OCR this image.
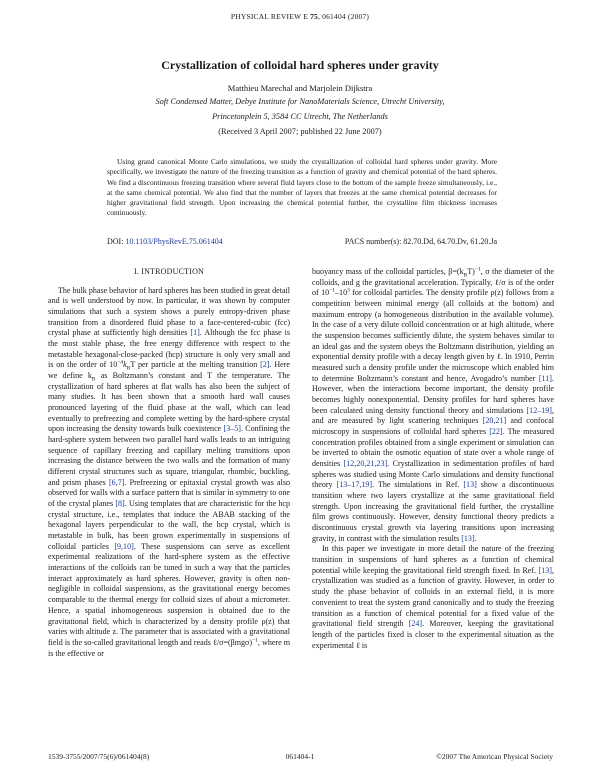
PHYSICAL REVIEW E 75, 061404 (2007)
Crystallization of colloidal hard spheres under gravity
Matthieu Marechal and Marjolein Dijkstra
Soft Condensed Matter, Debye Institute for NanoMaterials Science, Utrecht University,
Princetonplein 5, 3584 CC Utrecht, The Netherlands
(Received 3 April 2007; published 22 June 2007)
Using grand canonical Monte Carlo simulations, we study the crystallization of colloidal hard spheres under gravity. More specifically, we investigate the nature of the freezing transition as a function of gravity and chemical potential of the hard spheres. We find a discontinuous freezing transition where several fluid layers close to the bottom of the sample freeze simultaneously, i.e., at the same chemical potential. We also find that the number of layers that freezes at the same chemical potential decreases for higher gravitational field strength. Upon increasing the chemical potential further, the crystalline film thickness increases continuously.
DOI: 10.1103/PhysRevE.75.061404	PACS number(s): 82.70.Dd, 64.70.Dv, 61.20.Ja
I. INTRODUCTION

The bulk phase behavior of hard spheres has been studied in great detail and is well understood by now. In particular, it was shown by computer simulations that such a system shows a purely entropy-driven phase transition from a disordered fluid phase to a face-centered-cubic (fcc) crystal phase at sufficiently high densities [1]. Although the fcc phase is the most stable phase, the free energy difference with respect to the metastable hexagonal-close-packed (hcp) structure is only very small and is on the order of $10^{-4}k_BT$ per particle at the melting transition [2]. Here we define $k_B$ as Boltzmann’s constant and T the temperature. The crystallization of hard spheres at flat walls has also been the subject of many studies. It has been shown that a smooth hard wall causes pronounced layering of the fluid phase at the wall, which can lead eventually to prefreezing and complete wetting by the hard-sphere crystal upon increasing the density towards bulk coexistence [3–5]. Confining the hard-sphere system between two parallel hard walls leads to an intriguing sequence of capillary freezing and capillary melting transitions upon increasing the distance between the two walls and the formation of many different crystal structures such as square, triangular, rhombic, buckling, and prism phases [6,7]. Prefreezing or epitaxial crystal growth was also observed for walls with a surface pattern that is similar in symmetry to one of the crystal planes [8]. Using templates that are characteristic for the hcp crystal structure, i.e., templates that induce the ABAB stacking of the hexagonal layers perpendicular to the wall, the hcp crystal, which is metastable in bulk, has been grown experimentally in suspensions of colloidal particles [9,10]. These suspensions can serve as excellent experimental realizations of the hard-sphere system as the effective interactions of the colloids can be tuned in such a way that the particles interact approximately as hard spheres. However, gravity is often non-negligible in colloidal suspensions, as the gravitational energy becomes comparable to the thermal energy for colloid sizes of about a micrometer. Hence, a spatial inhomogeneous suspension is obtained due to the gravitational field, which is characterized by a density profile ρ(z) that varies with altitude z. The parameter that is associated with a gravitational field is the so-called gravitational length and reads $\ell/\sigma=(\beta mg\sigma)^{-1}$, where m is the effective or

buoyancy mass of the colloidal particles, $\beta=(k_BT)^{-1}$, σ the diameter of the colloids, and g the gravitational acceleration. Typically, ℓ/σ is of the order of $10^{-1}-10^3$ for colloidal particles. The density profile ρ(z) follows from a competition between minimal energy (all colloids at the bottom) and maximum entropy (a homogeneous distribution in the available volume). In the case of a very dilute colloid concentration or at high altitude, where the suspension becomes sufficiently dilute, the system behaves similar to an ideal gas and the system obeys the Boltzmann distribution, yielding an exponential density profile with a decay length given by ℓ. In 1910, Perrin measured such a density profile under the microscope which enabled him to determine Boltzmann’s constant and hence, Avogadro’s number [11]. However, when the interactions become important, the density profile becomes highly nonexponential. Density profiles for hard spheres have been calculated using density functional theory and simulations [12–19], and are measured by light scattering techniques [20,21] and confocal microscopy in suspensions of colloidal hard spheres [22]. The measured concentration profiles obtained from a single experiment or simulation can be inverted to obtain the osmotic equation of state over a whole range of densities [12,20,21,23]. Crystallization in sedimentation profiles of hard spheres was studied using Monte Carlo simulations and density functional theory [13–17,19]. The simulations in Ref. [13] show a discontinuous transition where two layers crystallize at the same gravitational field strength. Upon increasing the gravitational field further, the crystalline film grows continuously. However, density functional theory predicts a discontinuous crystal growth via layering transitions upon increasing gravity, in contrast with the simulation results [13].

In this paper we investigate in more detail the nature of the freezing transition in suspensions of hard spheres as a function of chemical potential while keeping the gravitational field strength fixed. In Ref. [13], crystallization was studied as a function of gravity. However, in order to study the phase behavior of colloids in an external field, it is more convenient to treat the system grand canonically and to study the freezing transition as a function of chemical potential for a fixed value of the gravitational field strength [24]. Moreover, keeping the gravitational length of the particles fixed is closer to the experimental situation as the experimental ℓ is

1539-3755/2007/75(6)/061404(8)	061404-1	©2007 The American Physical Society
